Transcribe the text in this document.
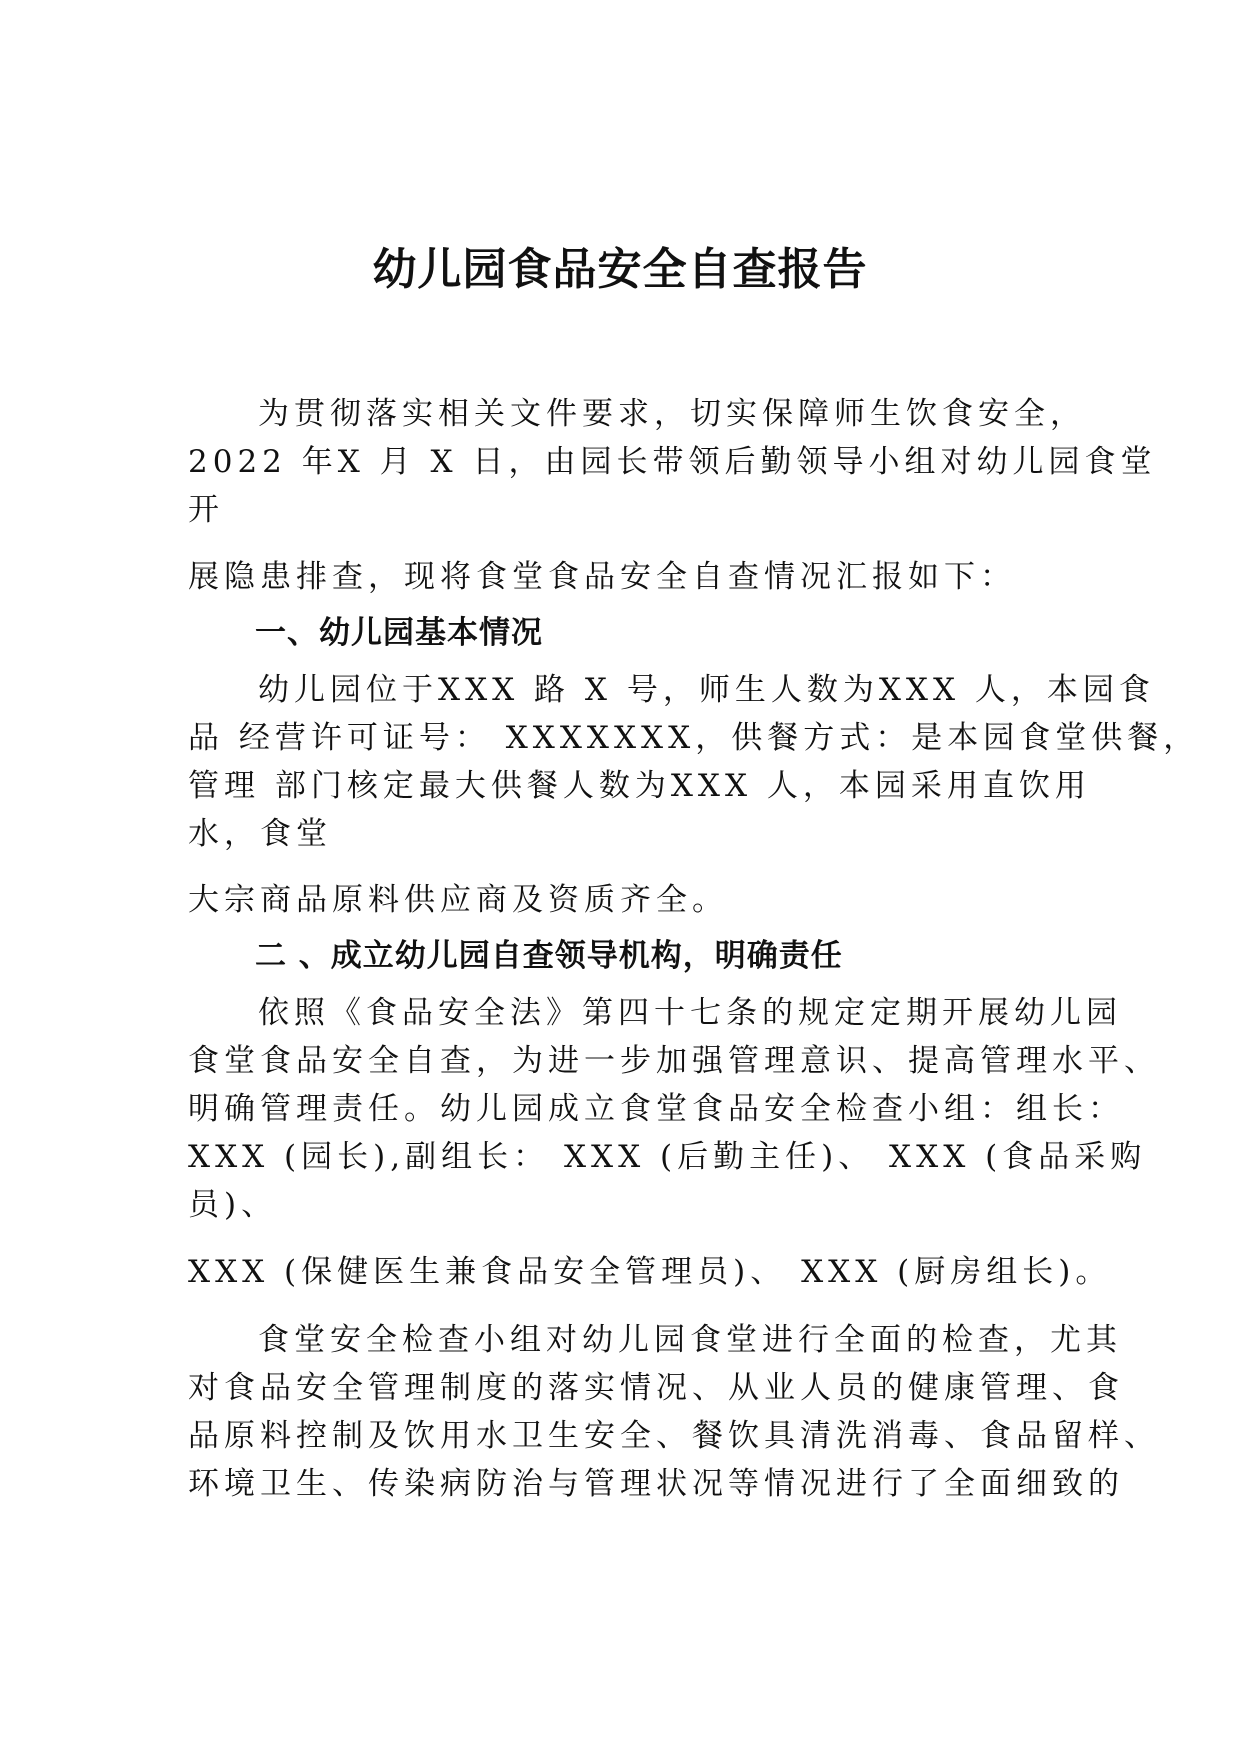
幼儿园食品安全自查报告
为贯彻落实相关文件要求，切实保障师生饮食安全，
2022 年X 月 X 日，由园长带领后勤领导小组对幼儿园食堂
开
展隐患排查，现将食堂食品安全自查情况汇报如下：
一、幼儿园基本情况
幼儿园位于XXX 路 X 号，师生人数为XXX 人，本园食
品 经营许可证号： XXXXXXX，供餐方式：是本园食堂供餐，
管理 部门核定最大供餐人数为XXX 人，本园采用直饮用
水，食堂
大宗商品原料供应商及资质齐全。
二 、成立幼儿园自查领导机构，明确责任
依照《食品安全法》第四十七条的规定定期开展幼儿园
食堂食品安全自查，为进一步加强管理意识、提高管理水平、
明确管理责任。幼儿园成立食堂食品安全检查小组：组长：
XXX (园长),副组长： XXX (后勤主任)、 XXX (食品采购
员)、
XXX (保健医生兼食品安全管理员)、 XXX (厨房组长)。
食堂安全检查小组对幼儿园食堂进行全面的检查，尤其
对食品安全管理制度的落实情况、从业人员的健康管理、食
品原料控制及饮用水卫生安全、餐饮具清洗消毒、食品留样、
环境卫生、传染病防治与管理状况等情况进行了全面细致的
